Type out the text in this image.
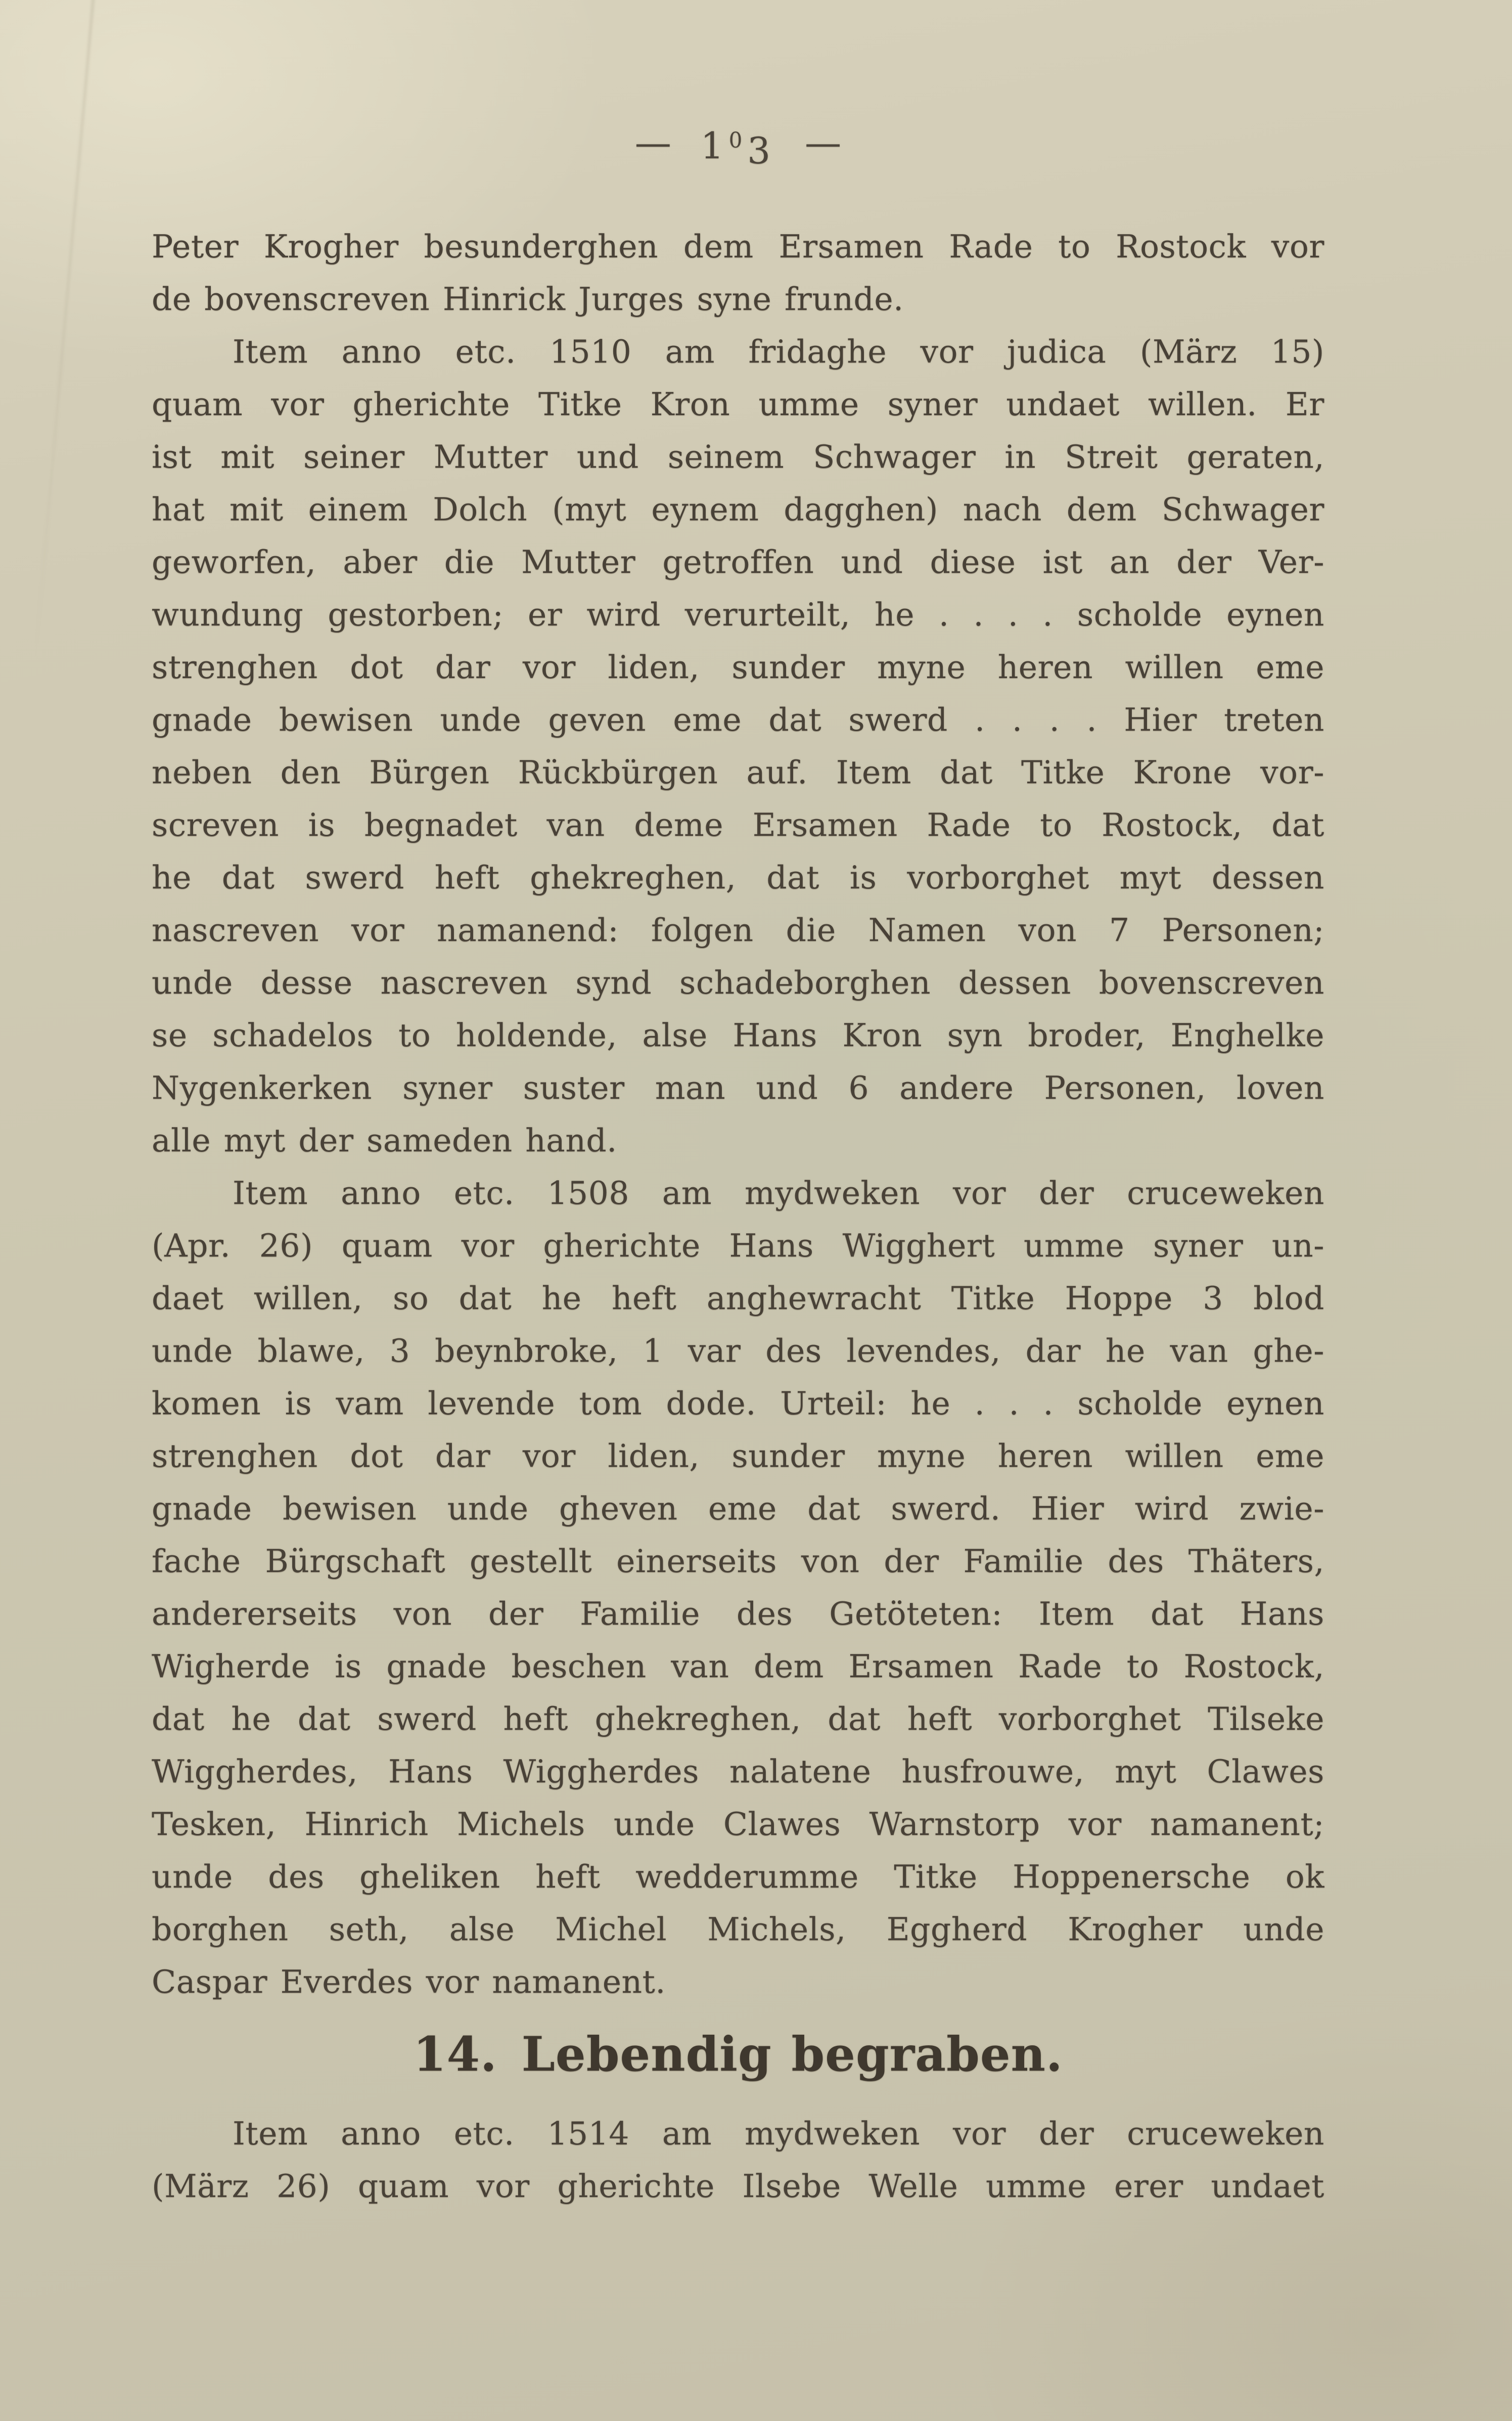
— 103 —
Peter Krogher besunderghen dem Ersamen Rade to Rostock vor
de bovenscreven Hinrick Jurges syne frunde.
Item anno etc. 1510 am fridaghe vor judica (März 15)
quam vor gherichte Titke Kron umme syner undaet willen. Er
ist mit seiner Mutter und seinem Schwager in Streit geraten,
hat mit einem Dolch (myt eynem dagghen) nach dem Schwager
geworfen, aber die Mutter getroffen und diese ist an der Ver-
wundung gestorben; er wird verurteilt, he . . . . scholde eynen
strenghen dot dar vor liden, sunder myne heren willen eme
gnade bewisen unde geven eme dat swerd . . . . Hier treten
neben den Bürgen Rückbürgen auf. Item dat Titke Krone vor-
screven is begnadet van deme Ersamen Rade to Rostock, dat
he dat swerd heft ghekreghen, dat is vorborghet myt dessen
nascreven vor namanend: folgen die Namen von 7 Personen;
unde desse nascreven synd schadeborghen dessen bovenscreven
se schadelos to holdende, alse Hans Kron syn broder, Enghelke
Nygenkerken syner suster man und 6 andere Personen, loven
alle myt der sameden hand.
Item anno etc. 1508 am mydweken vor der cruceweken
(Apr. 26) quam vor gherichte Hans Wigghert umme syner un-
daet willen, so dat he heft anghewracht Titke Hoppe 3 blod
unde blawe, 3 beynbroke, 1 var des levendes, dar he van ghe-
komen is vam levende tom dode. Urteil: he . . . scholde eynen
strenghen dot dar vor liden, sunder myne heren willen eme
gnade bewisen unde gheven eme dat swerd. Hier wird zwie-
fache Bürgschaft gestellt einerseits von der Familie des Thäters,
andererseits von der Familie des Getöteten: Item dat Hans
Wigherde is gnade beschen van dem Ersamen Rade to Rostock,
dat he dat swerd heft ghekreghen, dat heft vorborghet Tilseke
Wiggherdes, Hans Wiggherdes nalatene husfrouwe, myt Clawes
Tesken, Hinrich Michels unde Clawes Warnstorp vor namanent;
unde des gheliken heft wedderumme Titke Hoppenersche ok
borghen seth, alse Michel Michels, Eggherd Krogher unde
Caspar Everdes vor namanent.
14. Lebendig begraben.
Item anno etc. 1514 am mydweken vor der cruceweken
(März 26) quam vor gherichte Ilsebe Welle umme erer undaet
